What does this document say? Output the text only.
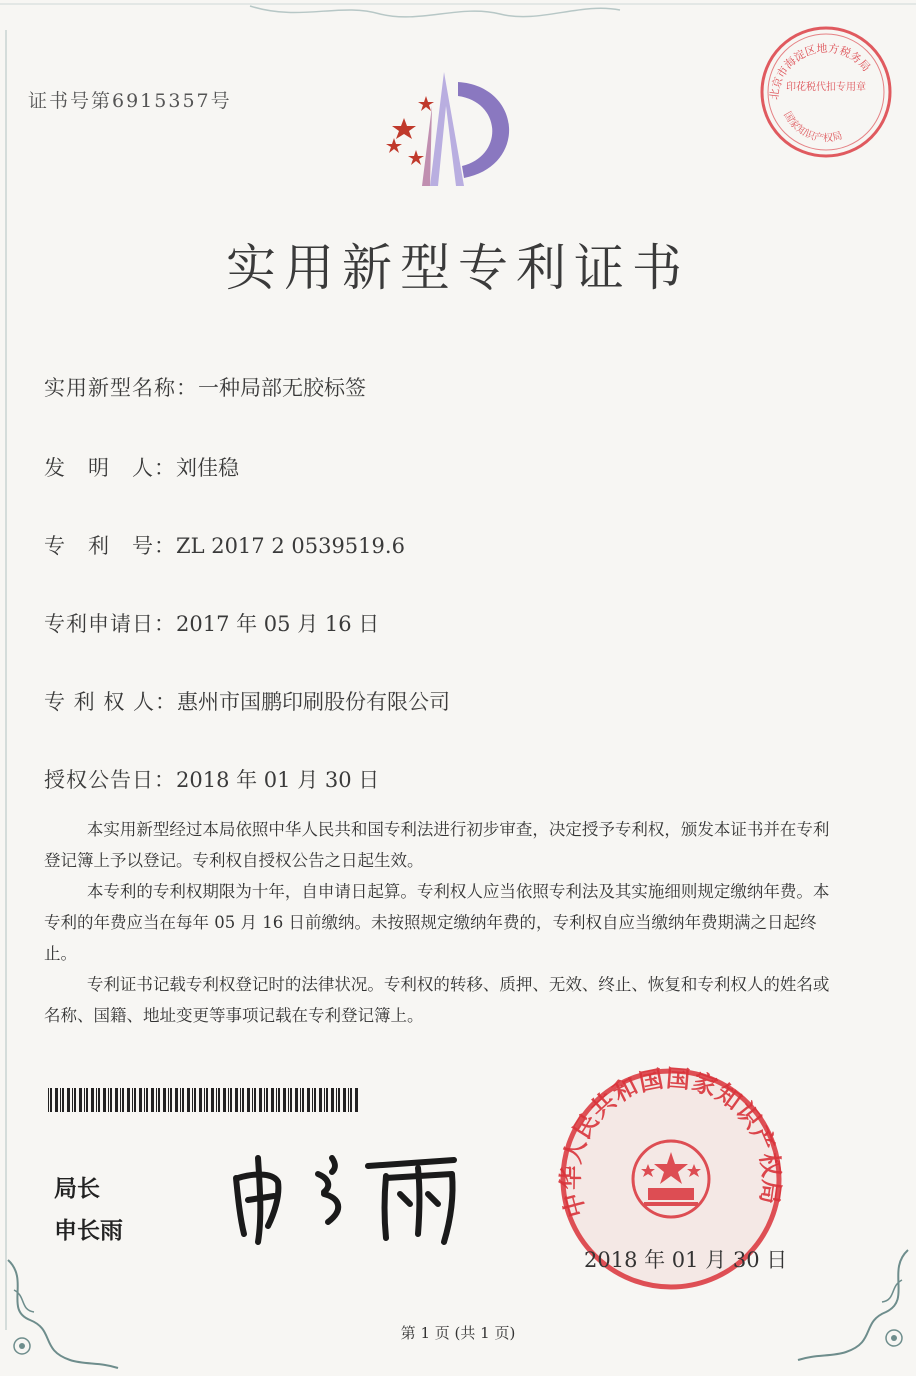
证书号第6915357号	北京市海淀区地方税务局
印花税代扣专用章
国家知识产权局
实用新型专利证书
实用新型名称：一种局部无胶标签
发　明　人：刘佳稳
专　利　号：ZL 2017 2 0539519.6
专利申请日：2017 年 05 月 16 日
专 利 权 人：惠州市国鹏印刷股份有限公司
授权公告日：2018 年 01 月 30 日

本实用新型经过本局依照中华人民共和国专利法进行初步审查，决定授予专利权，颁发本证书并在专利登记簿上予以登记。专利权自授权公告之日起生效。

本专利的专利权期限为十年，自申请日起算。专利权人应当依照专利法及其实施细则规定缴纳年费。本专利的年费应当在每年 05 月 16 日前缴纳。未按照规定缴纳年费的，专利权自应当缴纳年费期满之日起终止。

专利证书记载专利权登记时的法律状况。专利权的转移、质押、无效、终止、恢复和专利权人的姓名或名称、国籍、地址变更等事项记载在专利登记簿上。

局长
申长雨
中华人民共和国国家知识产权局
2018 年 01 月 30 日
第 1 页 (共 1 页)
